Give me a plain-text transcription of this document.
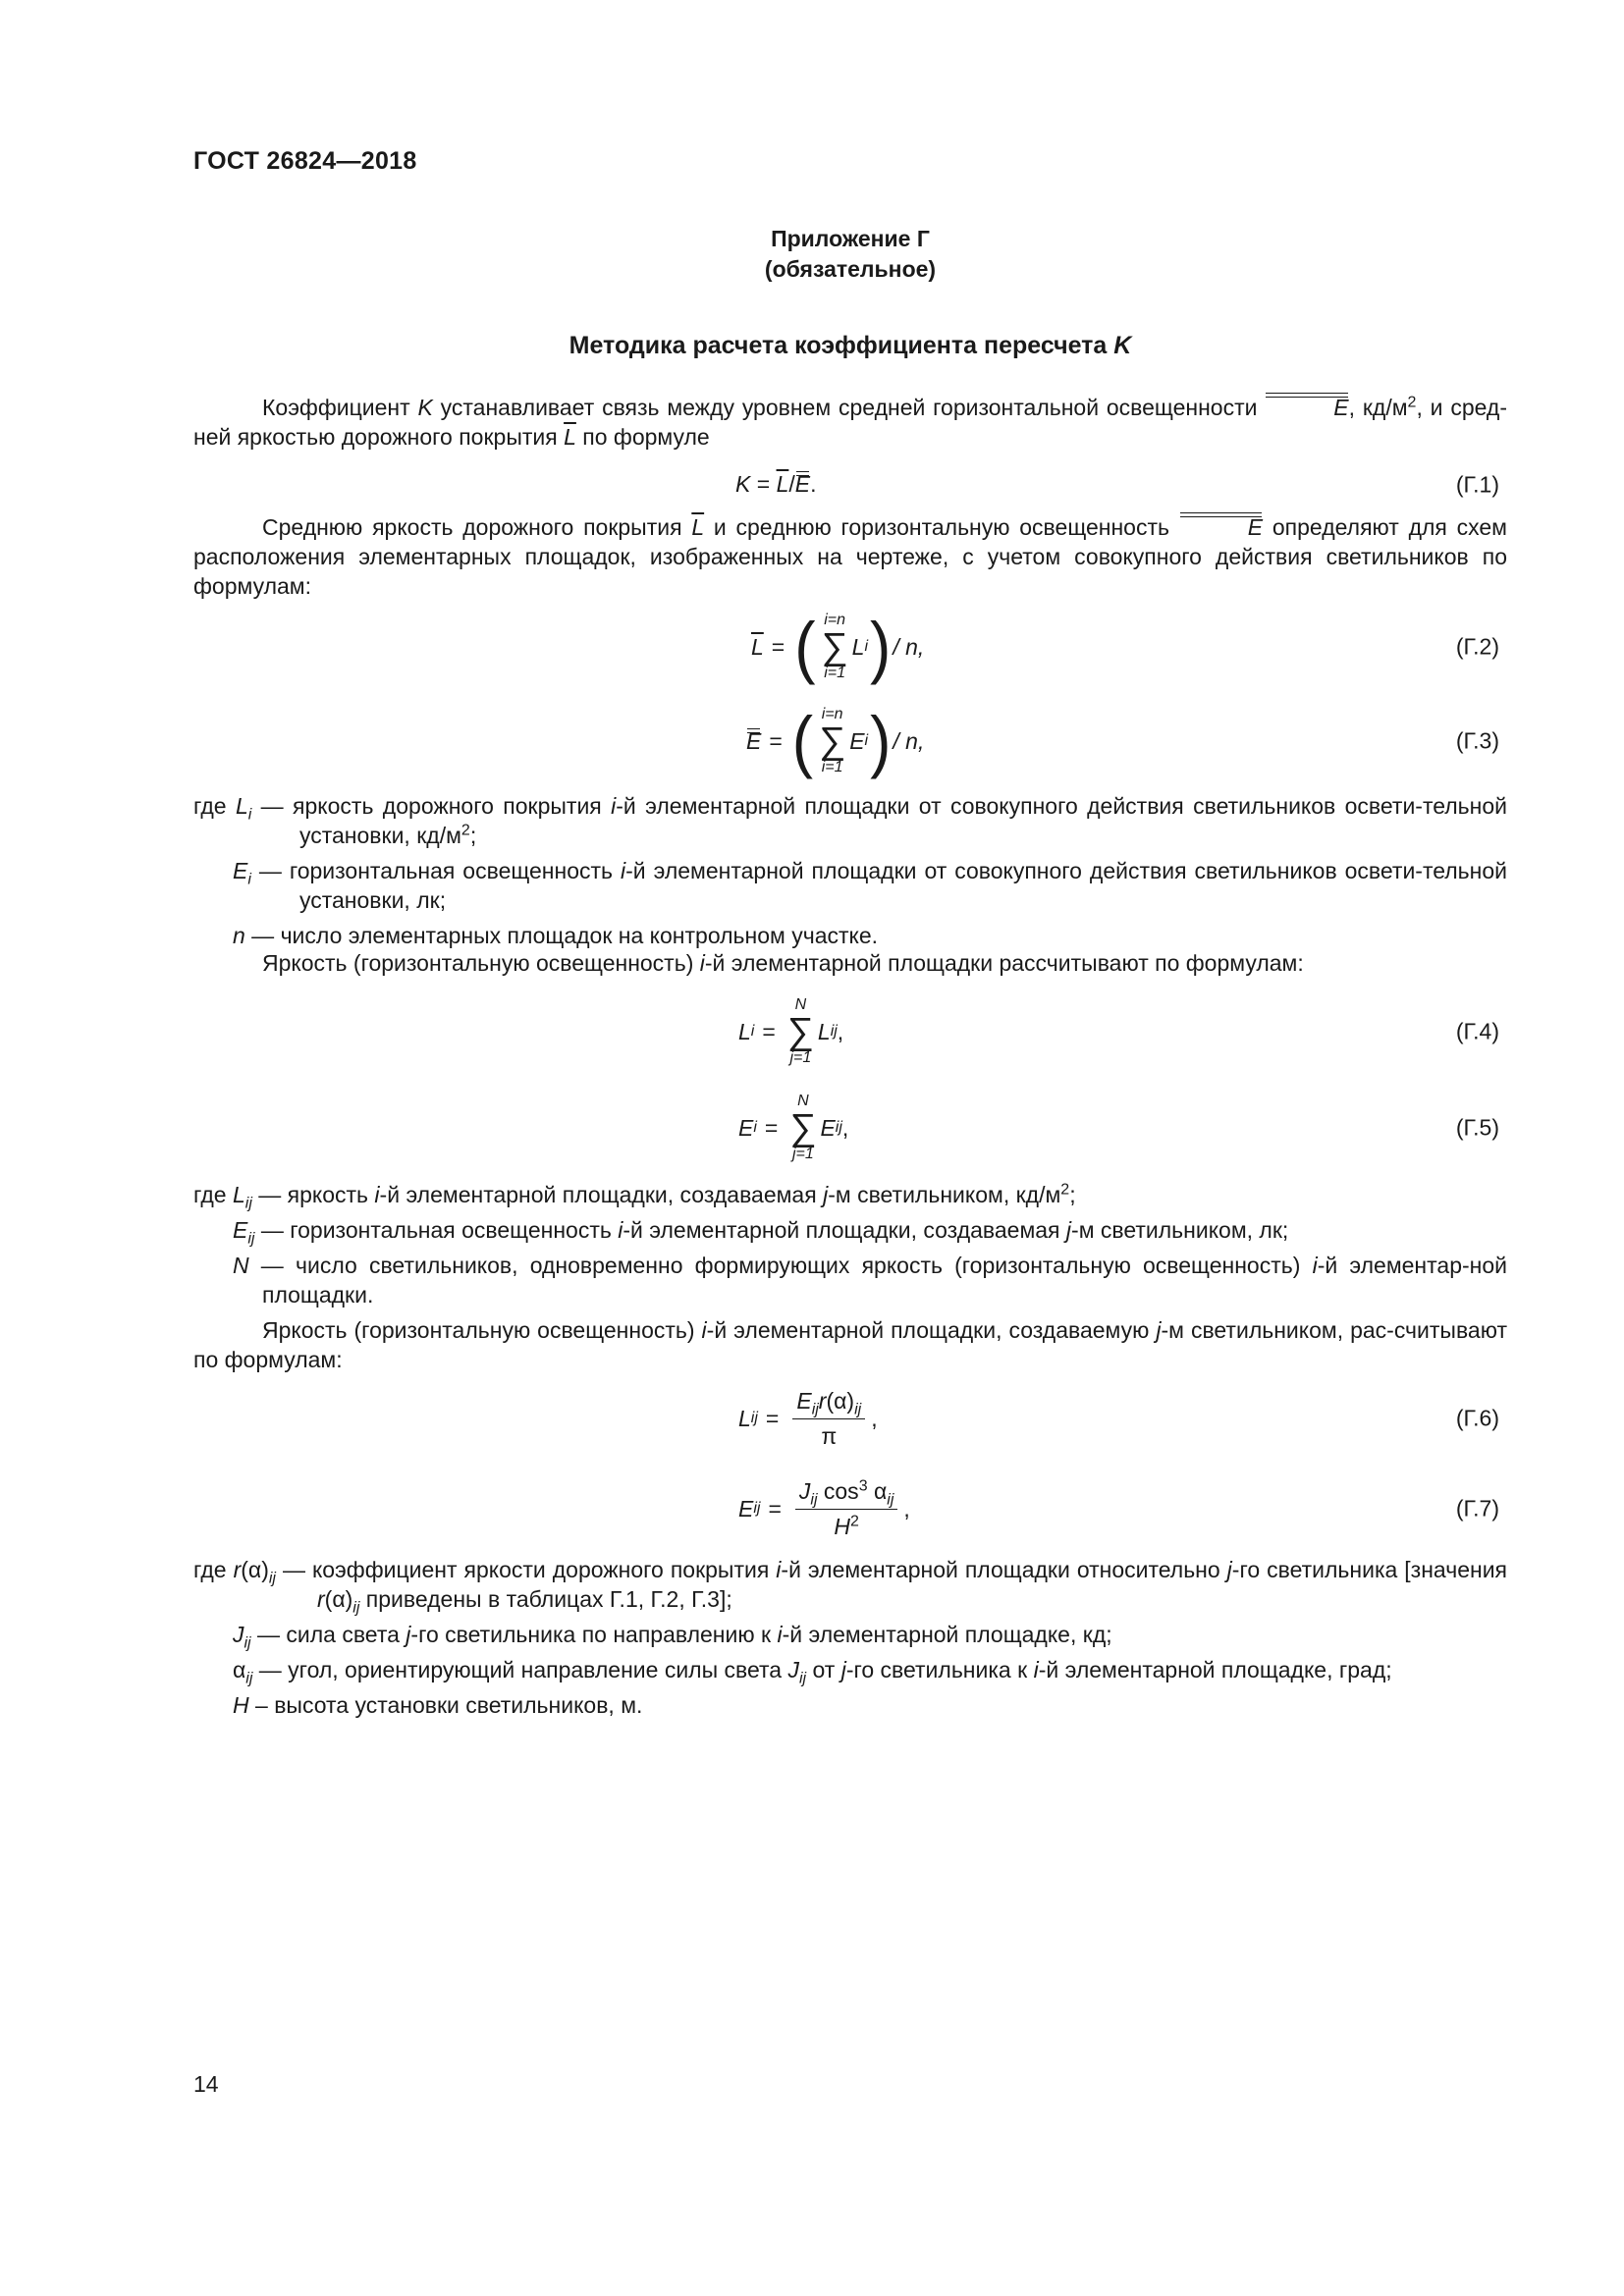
ГОСТ 26824—2018
Приложение Г
(обязательное)
Методика расчета коэффициента пересчета K
Коэффициент K устанавливает связь между уровнем средней горизонтальной освещенности	E, $кд/м^2$, и сред-ней яркостью дорожного покрытия $\overline{L}$ по формуле
$K = \overline{L} / E$ .	(Г.1)
Среднюю яркость дорожного покрытия $\overline{L}$ и среднюю горизонтальную освещенность	E определяют для схем расположения элементарных площадок, изображенных на чертеже, с учетом совокупного действия светильников по формулам:
$\overline{L}$ = ( i=n
∑
i=1
L i ) / n,	(Г.2)
E = ( i=n
∑
i=1
E i ) / n,	(Г.3)
где $L_i$ — яркость дорожного покрытия i-й элементарной площадки от совокупного действия светильников освети-тельной установки, $кд/м^2$;
$E_i$ — горизонтальная освещенность i-й элементарной площадки от совокупного действия светильников освети-тельной установки, лк;
n — число элементарных площадок на контрольном участке.
Яркость (горизонтальную освещенность) i-й элементарной площадки рассчитывают по формулам:
L i =
N
∑
j=1
L ij ,	(Г.4)
E i =
N
∑
j=1
E ij ,	(Г.5)
где $L_{ij}$ — яркость i-й элементарной площадки, создаваемая j-м светильником, $кд/м^2$;
$E_{ij}$ — горизонтальная освещенность i-й элементарной площадки, создаваемая j-м светильником, лк;
N — число светильников, одновременно формирующих яркость (горизонтальную освещенность) i-й элементар-ной площадки.
Яркость (горизонтальную освещенность) i-й элементарной площадки, создаваемую j-м светильником, рас-считывают по формулам:
L ij = $\frac{E_{ij}r(\alpha)_{ij}}{\pi}$ ,	(Г.6)
E ij = $\frac{J_{ij} \cos^3 \alpha_{ij}}{H^2}$ ,	(Г.7)
где $r(\alpha)_{ij}$ — коэффициент яркости дорожного покрытия i-й элементарной площадки относительно j-го светильника [значения $r(\alpha)_{ij}$ приведены в таблицах Г.1, Г.2, Г.3];
$J_{ij}$ — сила света j-го светильника по направлению к i-й элементарной площадке, кд;
$\alpha_{ij}$ — угол, ориентирующий направление силы света $J_{ij}$ от j-го светильника к i-й элементарной площадке, град;
H – высота установки светильников, м.
14
